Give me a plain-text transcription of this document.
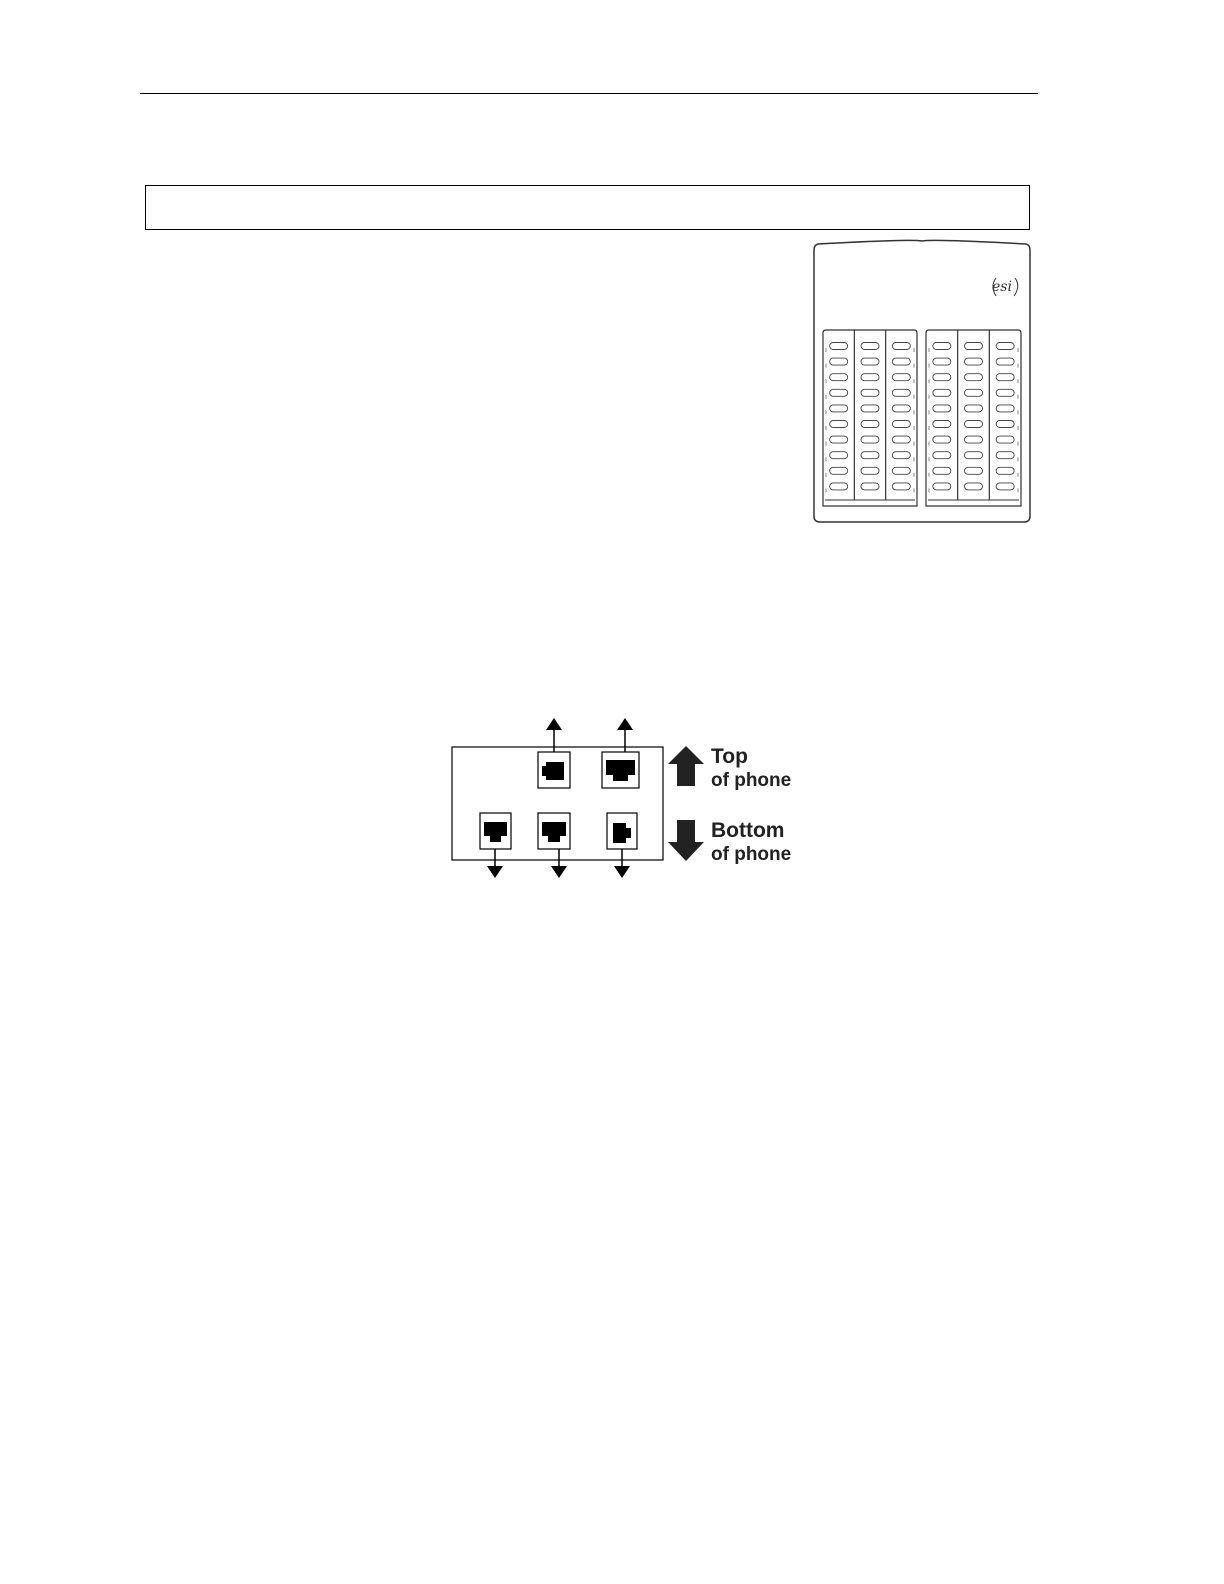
esi
Top
of phone
Bottom
of phone
